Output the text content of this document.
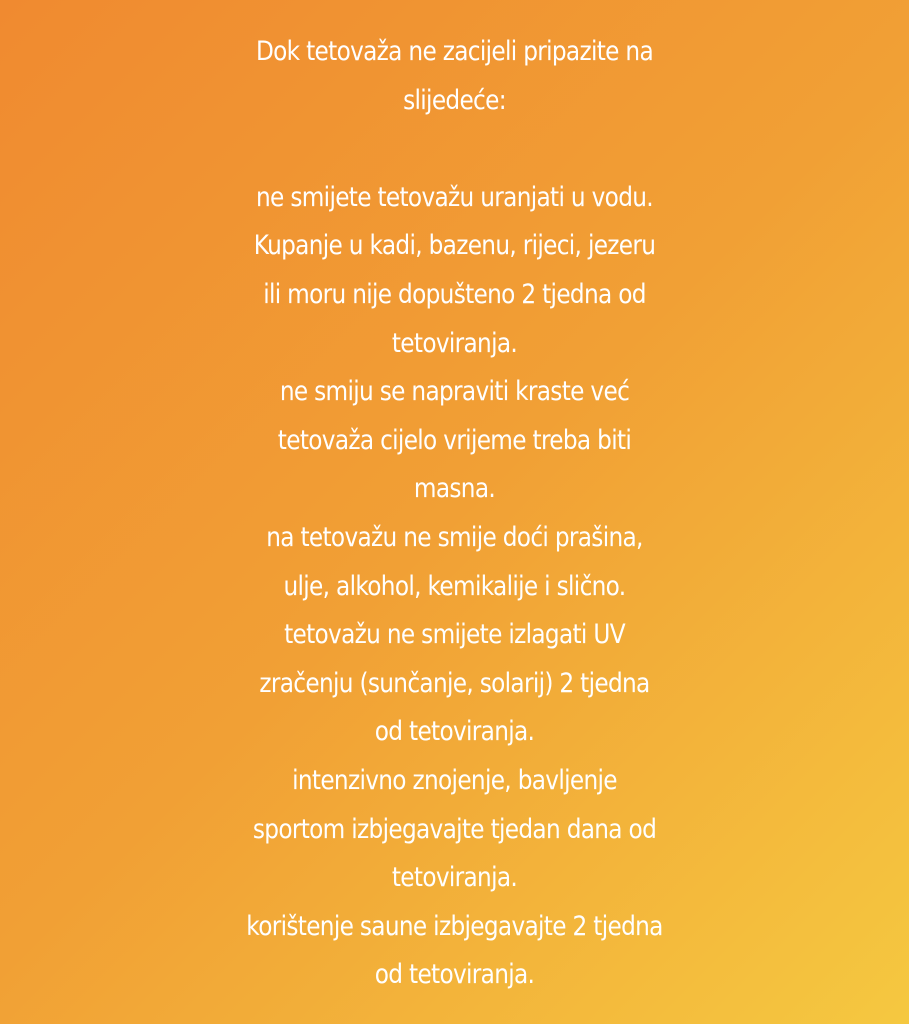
Dok tetovaža ne zacijeli pripazite na
slijedeće:
ne smijete tetovažu uranjati u vodu.
Kupanje u kadi, bazenu, rijeci, jezeru
ili moru nije dopušteno 2 tjedna od
tetoviranja.
ne smiju se napraviti kraste već
tetovaža cijelo vrijeme treba biti
masna.
na tetovažu ne smije doći prašina,
ulje, alkohol, kemikalije i slično.
tetovažu ne smijete izlagati UV
zračenju (sunčanje, solarij) 2 tjedna
od tetoviranja.
intenzivno znojenje, bavljenje
sportom izbjegavajte tjedan dana od
tetoviranja.
korištenje saune izbjegavajte 2 tjedna
od tetoviranja.
